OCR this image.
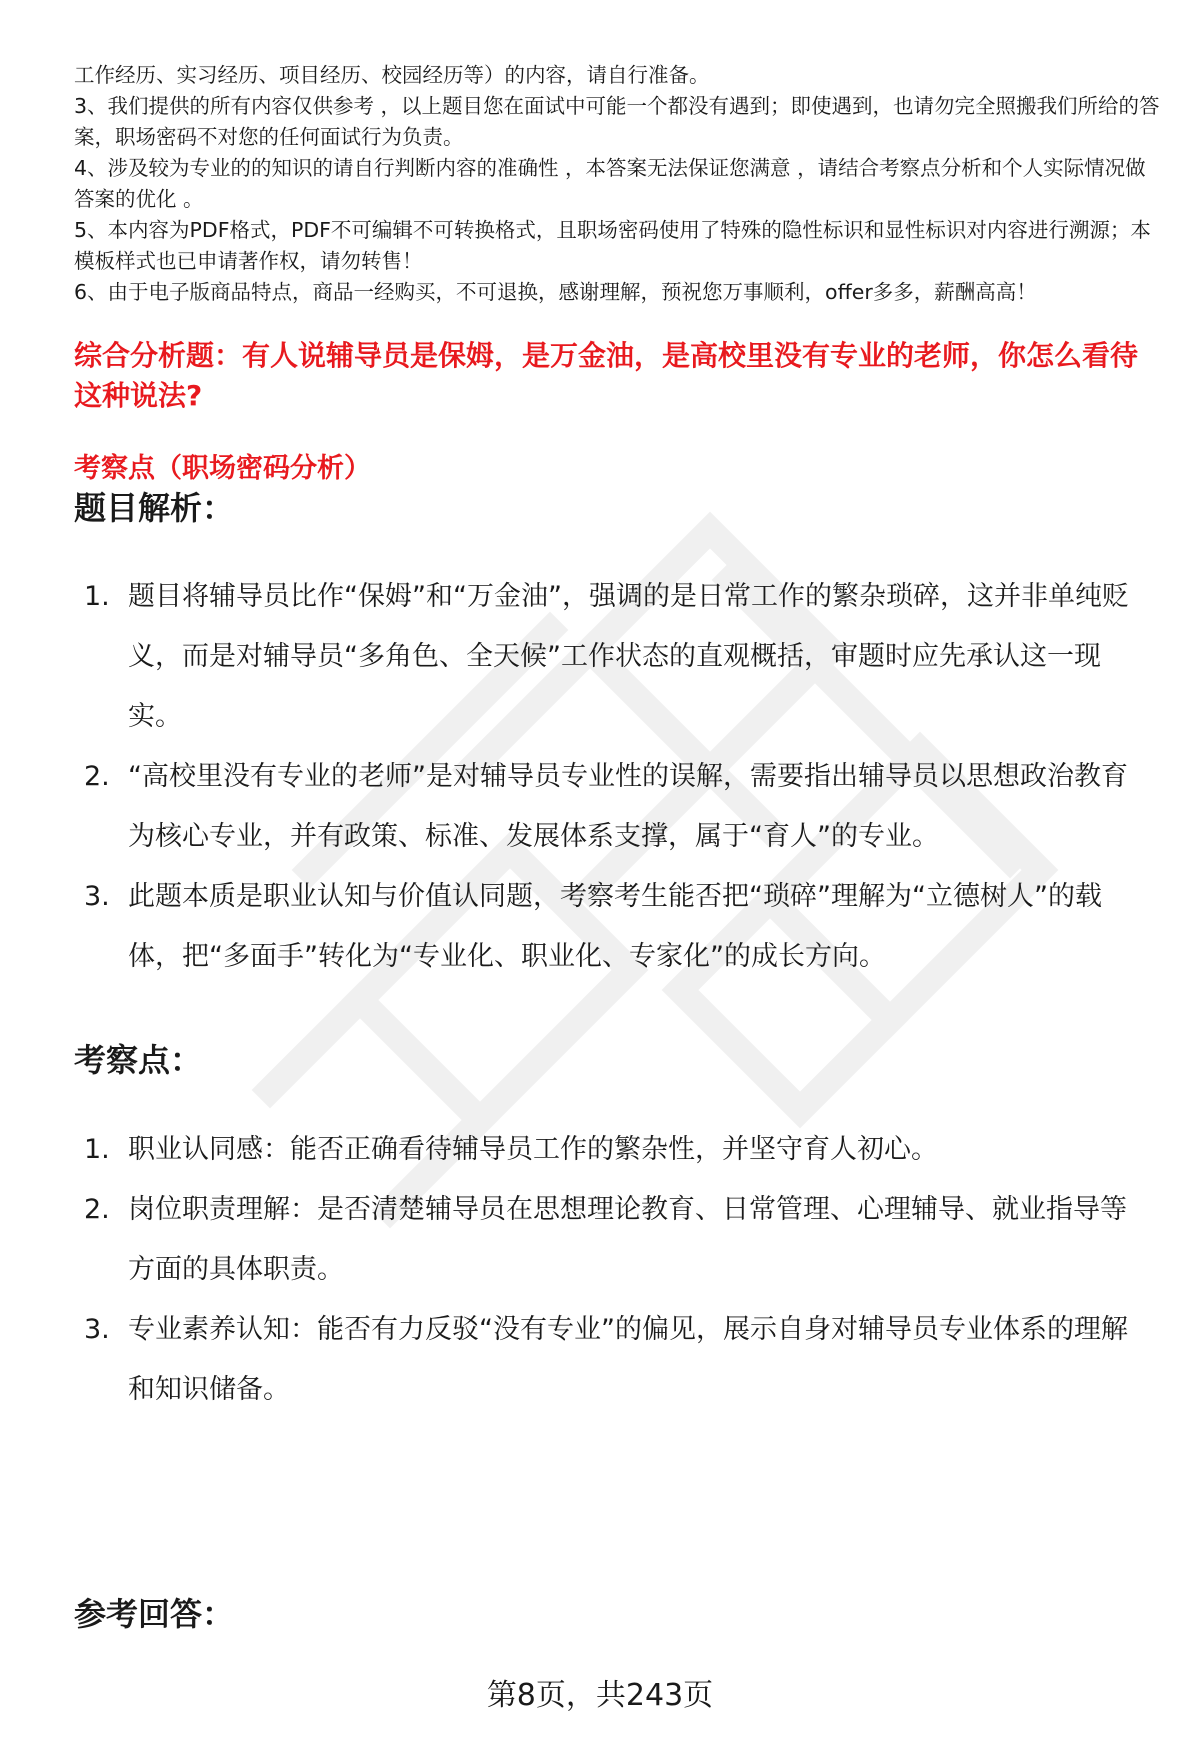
工作经历、实习经历、项目经历、校园经历等）的内容，请自行准备。

3、我们提供的所有内容仅供参考 ，以上题目您在面试中可能一个都没有遇到；即使遇到，也请勿完全照搬我们所给的答案，职场密码不对您的任何面试行为负责。

4、涉及较为专业的的知识的请自行判断内容的准确性 ，本答案无法保证您满意 ，请结合考察点分析和个人实际情况做答案的优化 。

5、本内容为PDF格式，PDF不可编辑不可转换格式，且职场密码使用了特殊的隐性标识和显性标识对内容进行溯源；本模板样式也已申请著作权，请勿转售！

6、由于电子版商品特点，商品一经购买，不可退换，感谢理解，预祝您万事顺利，offer多多，薪酬高高！

综合分析题：有人说辅导员是保姆，是万金油，是高校里没有专业的老师，你怎么看待这种说法?
考察点（职场密码分析）
题目解析：
1. 题目将辅导员比作“保姆”和“万金油”，强调的是日常工作的繁杂琐碎，这并非单纯贬义，而是对辅导员“多角色、全天候”工作状态的直观概括，审题时应先承认这一现实。
2. “高校里没有专业的老师”是对辅导员专业性的误解，需要指出辅导员以思想政治教育为核心专业，并有政策、标准、发展体系支撑，属于“育人”的专业。
3. 此题本质是职业认知与价值认同题，考察考生能否把“琐碎”理解为“立德树人”的载体，把“多面手”转化为“专业化、职业化、专家化”的成长方向。
考察点：
1. 职业认同感：能否正确看待辅导员工作的繁杂性，并坚守育人初心。
2. 岗位职责理解：是否清楚辅导员在思想理论教育、日常管理、心理辅导、就业指导等方面的具体职责。
3. 专业素养认知：能否有力反驳“没有专业”的偏见，展示自身对辅导员专业体系的理解和知识储备。
参考回答：
第8页，共243页
